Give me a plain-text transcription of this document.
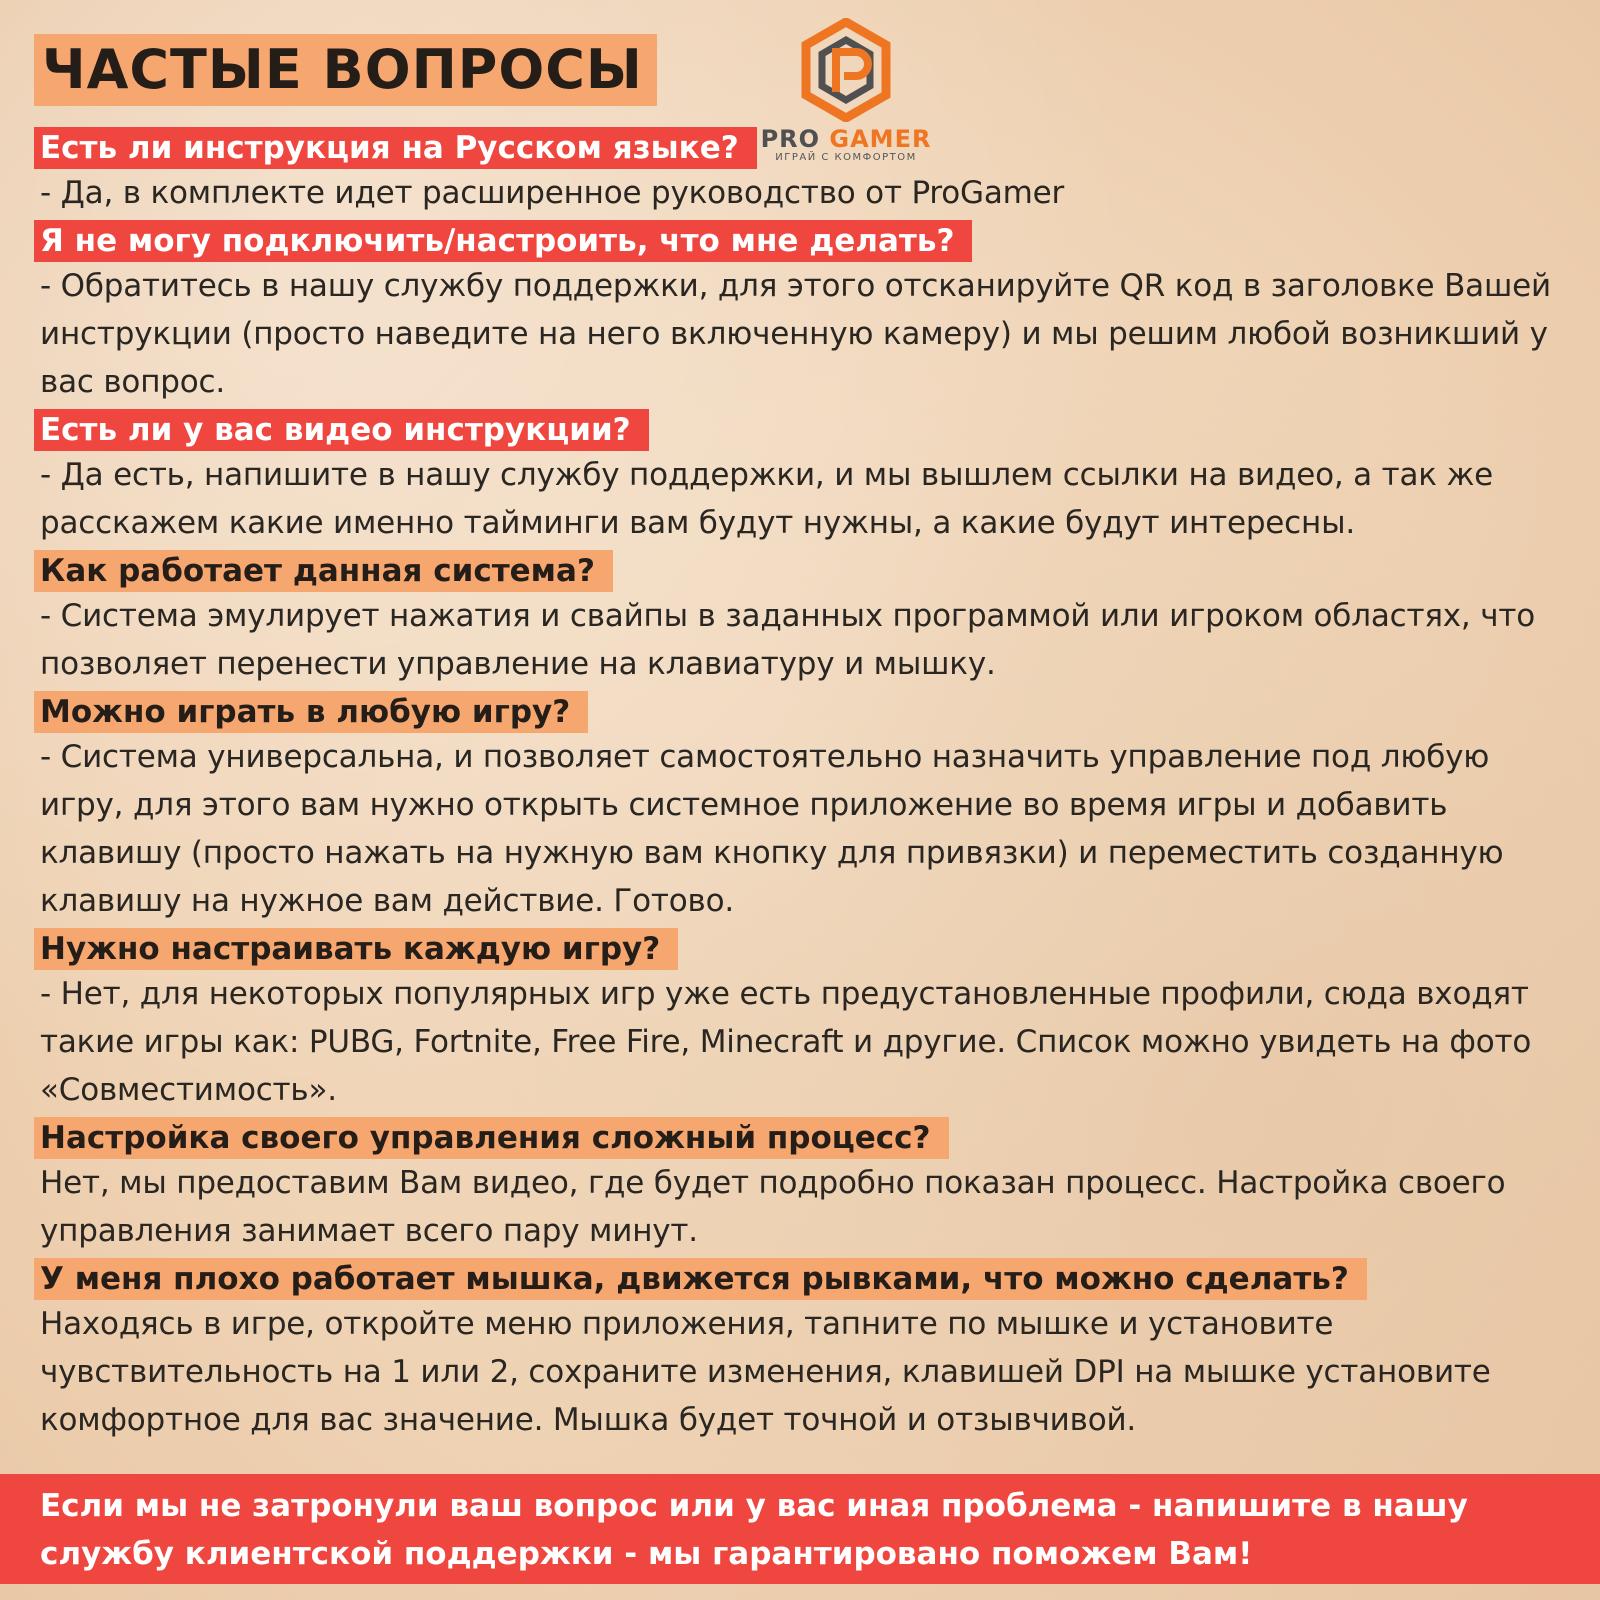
ЧАСТЫЕ ВОПРОСЫ
PRO GAMER
ИГРАЙ С КОМФОРТОМ
Есть ли инструкция на Русском языке?
- Да, в комплекте идет расширенное руководство от ProGamer
Я не могу подключить/настроить, что мне делать?
- Обратитесь в нашу службу поддержки, для этого отсканируйте QR код в заголовке Вашей инструкции (просто наведите на него включенную камеру) и мы решим любой возникший у вас вопрос.
Есть ли у вас видео инструкции?
- Да есть, напишите в нашу службу поддержки, и мы вышлем ссылки на видео, а так же расскажем какие именно тайминги вам будут нужны, а какие будут интересны.
Как работает данная система?
- Система эмулирует нажатия и свайпы в заданных программой или игроком областях, что позволяет перенести управление на клавиатуру и мышку.
Можно играть в любую игру?
- Система универсальна, и позволяет самостоятельно назначить управление под любую игру, для этого вам нужно открыть системное приложение во время игры и добавить клавишу (просто нажать на нужную вам кнопку для привязки) и переместить созданную клавишу на нужное вам действие. Готово.
Нужно настраивать каждую игру?
- Нет, для некоторых популярных игр уже есть предустановленные профили, сюда входят такие игры как: PUBG, Fortnite, Free Fire, Minecraft и другие. Список можно увидеть на фото «Совместимость».
Настройка своего управления сложный процесс?
Нет, мы предоставим Вам видео, где будет подробно показан процесс. Настройка своего управления занимает всего пару минут.
У меня плохо работает мышка, движется рывками, что можно сделать?
Находясь в игре, откройте меню приложения, тапните по мышке и установите чувствительность на 1 или 2, сохраните изменения, клавишей DPI на мышке установите комфортное для вас значение. Мышка будет точной и отзывчивой.
Если мы не затронули ваш вопрос или у вас иная проблема - напишите в нашу службу клиентской поддержки - мы гарантировано поможем Вам!
